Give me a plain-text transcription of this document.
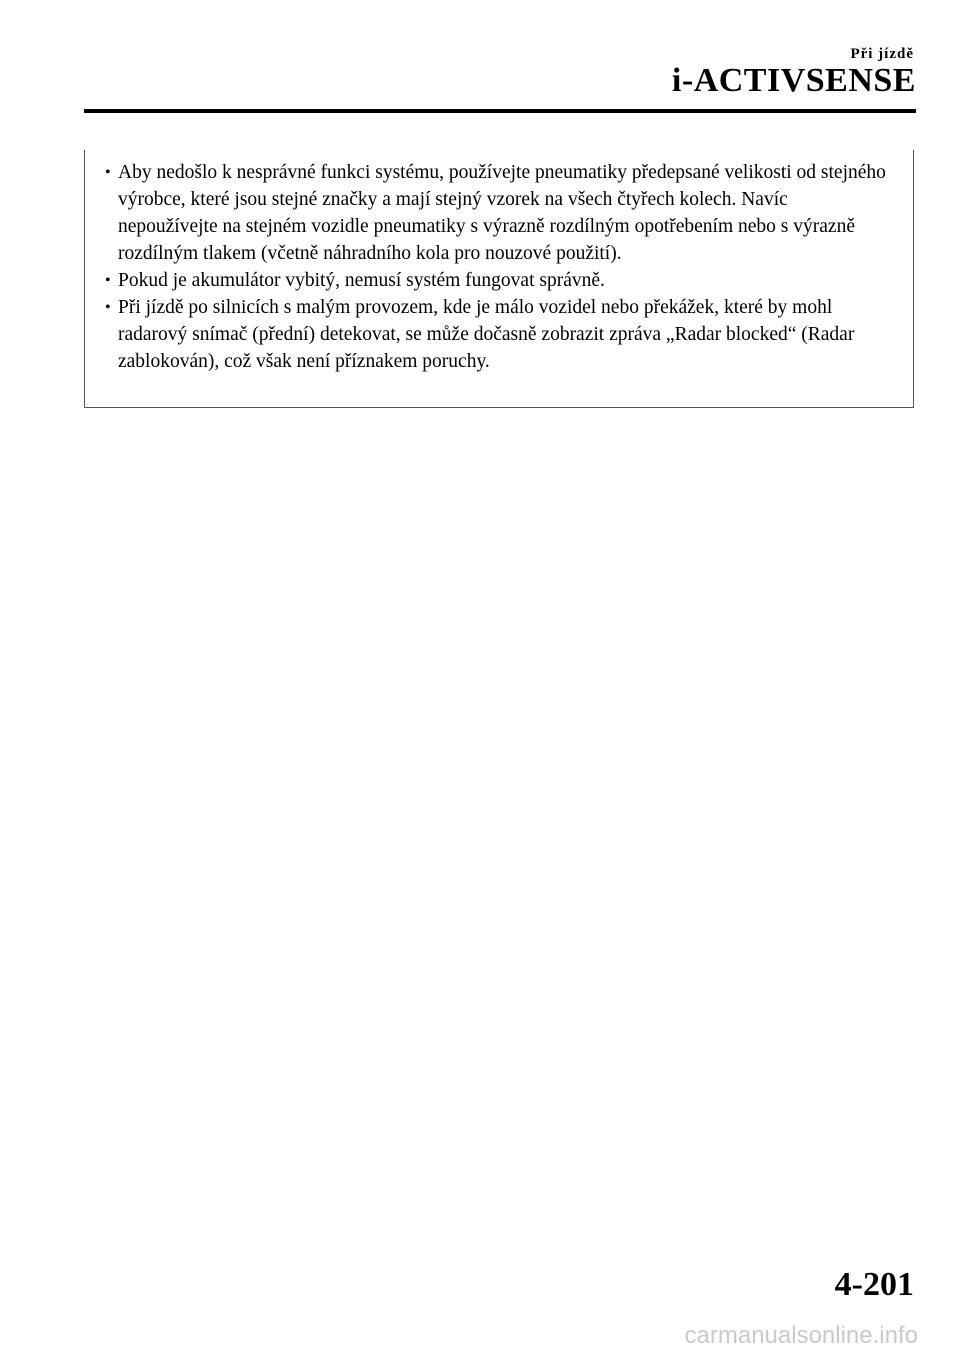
Při jízdě
i-ACTIVSENSE
• Aby nedošlo k nesprávné funkci systému, používejte pneumatiky předepsané velikosti od stejného výrobce, které jsou stejné značky a mají stejný vzorek na všech čtyřech kolech. Navíc nepoužívejte na stejném vozidle pneumatiky s výrazně rozdílným opotřebením nebo s výrazně rozdílným tlakem (včetně náhradního kola pro nouzové použití).
• Pokud je akumulátor vybitý, nemusí systém fungovat správně.
• Při jízdě po silnicích s malým provozem, kde je málo vozidel nebo překážek, které by mohl radarový snímač (přední) detekovat, se může dočasně zobrazit zpráva „Radar blocked“ (Radar zablokován), což však není příznakem poruchy.
4-201
carmanualsonline.info
